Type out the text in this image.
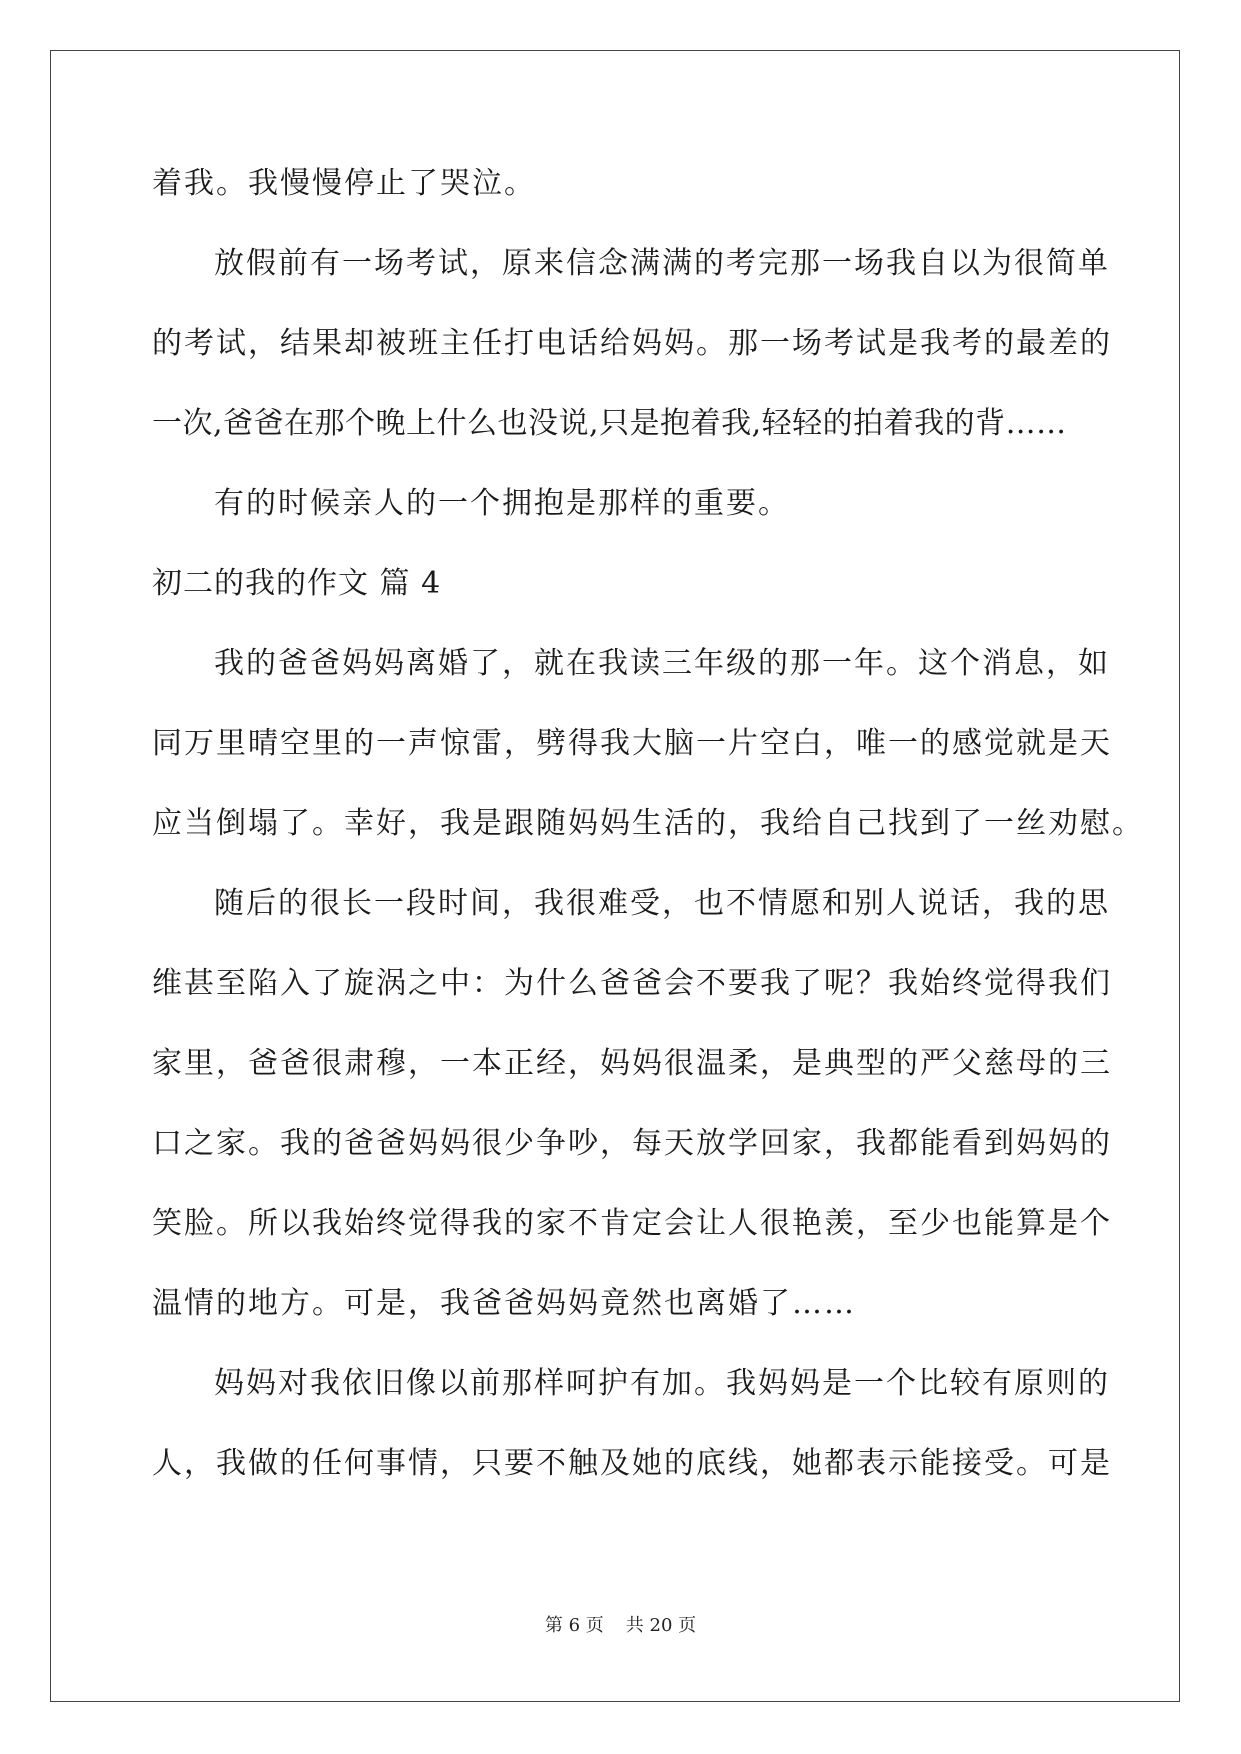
着我。我慢慢停止了哭泣。
放假前有一场考试，原来信念满满的考完那一场我自以为很简单
的考试，结果却被班主任打电话给妈妈。那一场考试是我考的最差的
一次,爸爸在那个晚上什么也没说,只是抱着我,轻轻的拍着我的背……
有的时候亲人的一个拥抱是那样的重要。
初二的我的作文 篇 4
我的爸爸妈妈离婚了，就在我读三年级的那一年。这个消息，如
同万里晴空里的一声惊雷，劈得我大脑一片空白，唯一的感觉就是天
应当倒塌了。幸好，我是跟随妈妈生活的，我给自己找到了一丝劝慰。
随后的很长一段时间，我很难受，也不情愿和别人说话，我的思
维甚至陷入了旋涡之中：为什么爸爸会不要我了呢？我始终觉得我们
家里，爸爸很肃穆，一本正经，妈妈很温柔，是典型的严父慈母的三
口之家。我的爸爸妈妈很少争吵，每天放学回家，我都能看到妈妈的
笑脸。所以我始终觉得我的家不肯定会让人很艳羡，至少也能算是个
温情的地方。可是，我爸爸妈妈竟然也离婚了……
妈妈对我依旧像以前那样呵护有加。我妈妈是一个比较有原则的
人，我做的任何事情，只要不触及她的底线，她都表示能接受。可是
第 6 页 共 20 页
